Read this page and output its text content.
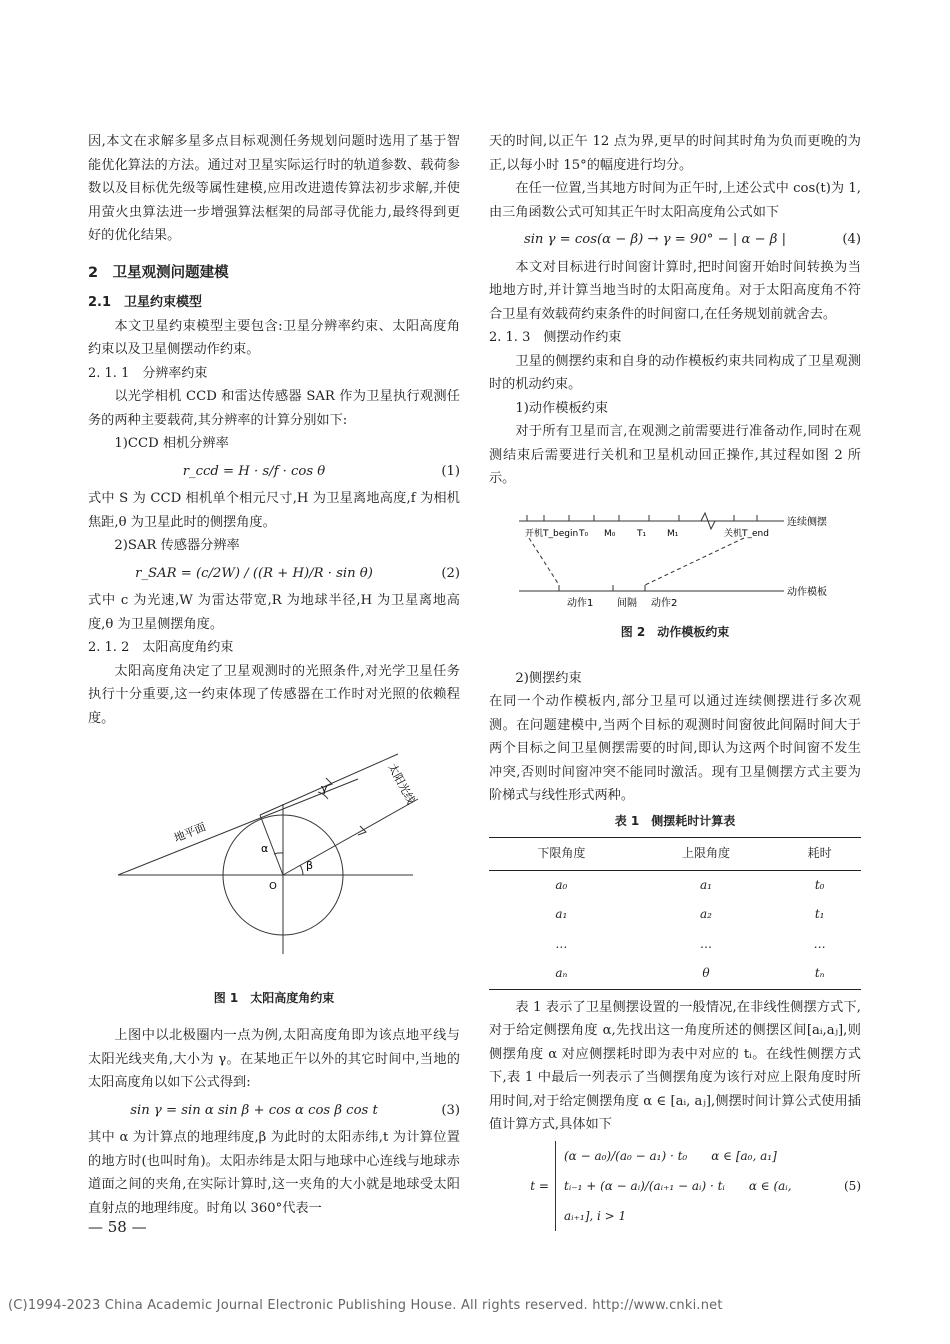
因,本文在求解多星多点目标观测任务规划问题时选用了基于智能优化算法的方法。通过对卫星实际运行时的轨道参数、载荷参数以及目标优先级等属性建模,应用改进遗传算法初步求解,并使用萤火虫算法进一步增强算法框架的局部寻优能力,最终得到更好的优化结果。

2　卫星观测问题建模
2.1　卫星约束模型

本文卫星约束模型主要包含:卫星分辨率约束、太阳高度角约束以及卫星侧摆动作约束。

2. 1. 1　分辨率约束

以光学相机 CCD 和雷达传感器 SAR 作为卫星执行观测任务的两种主要载荷,其分辨率的计算分别如下:

1)CCD 相机分辨率

r_ccd = H · s/f · cos θ	(1)

式中 S 为 CCD 相机单个相元尺寸,H 为卫星离地高度,f 为相机焦距,θ 为卫星此时的侧摆角度。

2)SAR 传感器分辨率

r_SAR = (c/2W) / ((R + H)/R · sin θ)	(2)

式中 c 为光速,W 为雷达带宽,R 为地球半径,H 为卫星离地高度,θ 为卫星侧摆角度。

2. 1. 2　太阳高度角约束

太阳高度角决定了卫星观测时的光照条件,对光学卫星任务执行十分重要,这一约束体现了传感器在工作时对光照的依赖程度。

α
β
γ
O
地平面
太阳光线
图 1　太阳高度角约束

上图中以北极圈内一点为例,太阳高度角即为该点地平线与太阳光线夹角,大小为 γ。在某地正午以外的其它时间中,当地的太阳高度角以如下公式得到:

sin γ = sin α sin β + cos α cos β cos t	(3)

其中 α 为计算点的地理纬度,β 为此时的太阳赤纬,t 为计算位置的地方时(也叫时角)。太阳赤纬是太阳与地球中心连线与地球赤道面之间的夹角,在实际计算时,这一夹角的大小就是地球受太阳直射点的地理纬度。时角以 360°代表一

天的时间,以正午 12 点为界,更早的时间其时角为负而更晚的为正,以每小时 15°的幅度进行均分。

在任一位置,当其地方时间为正午时,上述公式中 cos(t)为 1,由三角函数公式可知其正午时太阳高度角公式如下

sin γ = cos(α − β) → γ = 90° − | α − β |	(4)

本文对目标进行时间窗计算时,把时间窗开始时间转换为当地地方时,并计算当地当时的太阳高度角。对于太阳高度角不符合卫星有效载荷约束条件的时间窗口,在任务规划前就舍去。

2. 1. 3　侧摆动作约束

卫星的侧摆约束和自身的动作模板约束共同构成了卫星观测时的机动约束。

1)动作模板约束

对于所有卫星而言,在观测之前需要进行准备动作,同时在观测结束后需要进行关机和卫星机动回正操作,其过程如图 2 所示。

连续侧摆
开机T_begin T₀ M₀ T₁ M₁	关机T_end
动作模板
动作1 间隔 动作2
图 2　动作模板约束

2)侧摆约束

在同一个动作模板内,部分卫星可以通过连续侧摆进行多次观测。在问题建模中,当两个目标的观测时间窗彼此间隔时间大于两个目标之间卫星侧摆需要的时间,即认为这两个时间窗不发生冲突,否则时间窗冲突不能同时激活。现有卫星侧摆方式主要为阶梯式与线性形式两种。

表 1　侧摆耗时计算表
下限角度	上限角度	耗时
a₀	a₁	t₀
a₁	a₂	t₁
…	…	…
aₙ	θ	tₙ

表 1 表示了卫星侧摆设置的一般情况,在非线性侧摆方式下,对于给定侧摆角度 α,先找出这一角度所述的侧摆区间[aᵢ,aⱼ],则侧摆角度 α 对应侧摆耗时即为表中对应的 tᵢ。在线性侧摆方式下,表 1 中最后一列表示了当侧摆角度为该行对应上限角度时所用时间,对于给定侧摆角度 α ∈ [aᵢ, aⱼ],侧摆时间计算公式使用插值计算方式,具体如下

t =
(α − a₀)/(a₀ − a₁) · t₀　　α ∈ [a₀, a₁]
tᵢ₋₁ + (α − aᵢ)/(aᵢ₊₁ − aᵢ) · tᵢ　　α ∈ (aᵢ, aᵢ₊₁], i > 1
(5)
— 58 —
(C)1994-2023 China Academic Journal Electronic Publishing House. All rights reserved. http://www.cnki.net
